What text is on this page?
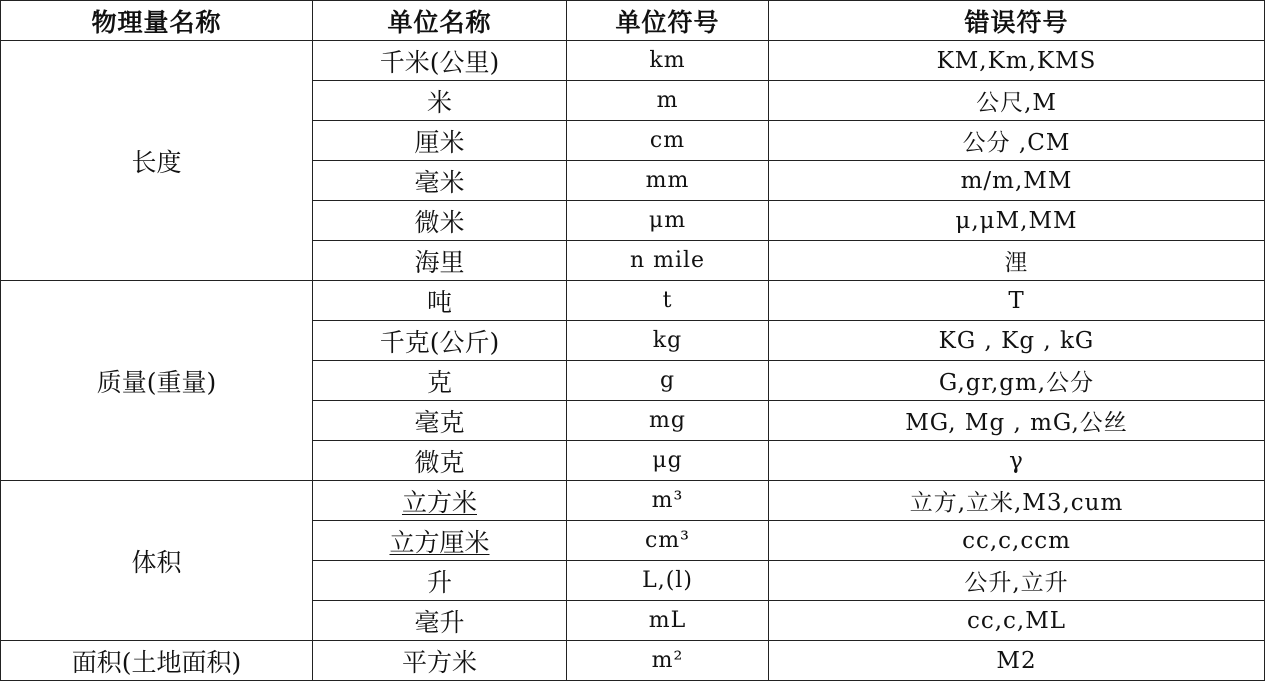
物理量名称	单位名称	单位符号	错误符号
长度	千米(公里)	km	KM,Km,KMS
	米	m	公尺,M
	厘米	cm	公分 ,CM
	毫米	mm	m/m,MM
	微米	μm	μ,μM,MM
	海里	n mile	浬
质量(重量)	吨	t	T
	千克(公斤)	kg	KG , Kg , kG
	克	g	G,gr,gm,公分
	毫克	mg	MG, Mg , mG,公丝
	微克	μg	γ
体积	立方米	m³	立方,立米,M3,cum
	立方厘米	cm³	cc,c,ccm
	升	L,(l)	公升,立升
	毫升	mL	cc,c,ML
面积(土地面积)	平方米	m²	M2
